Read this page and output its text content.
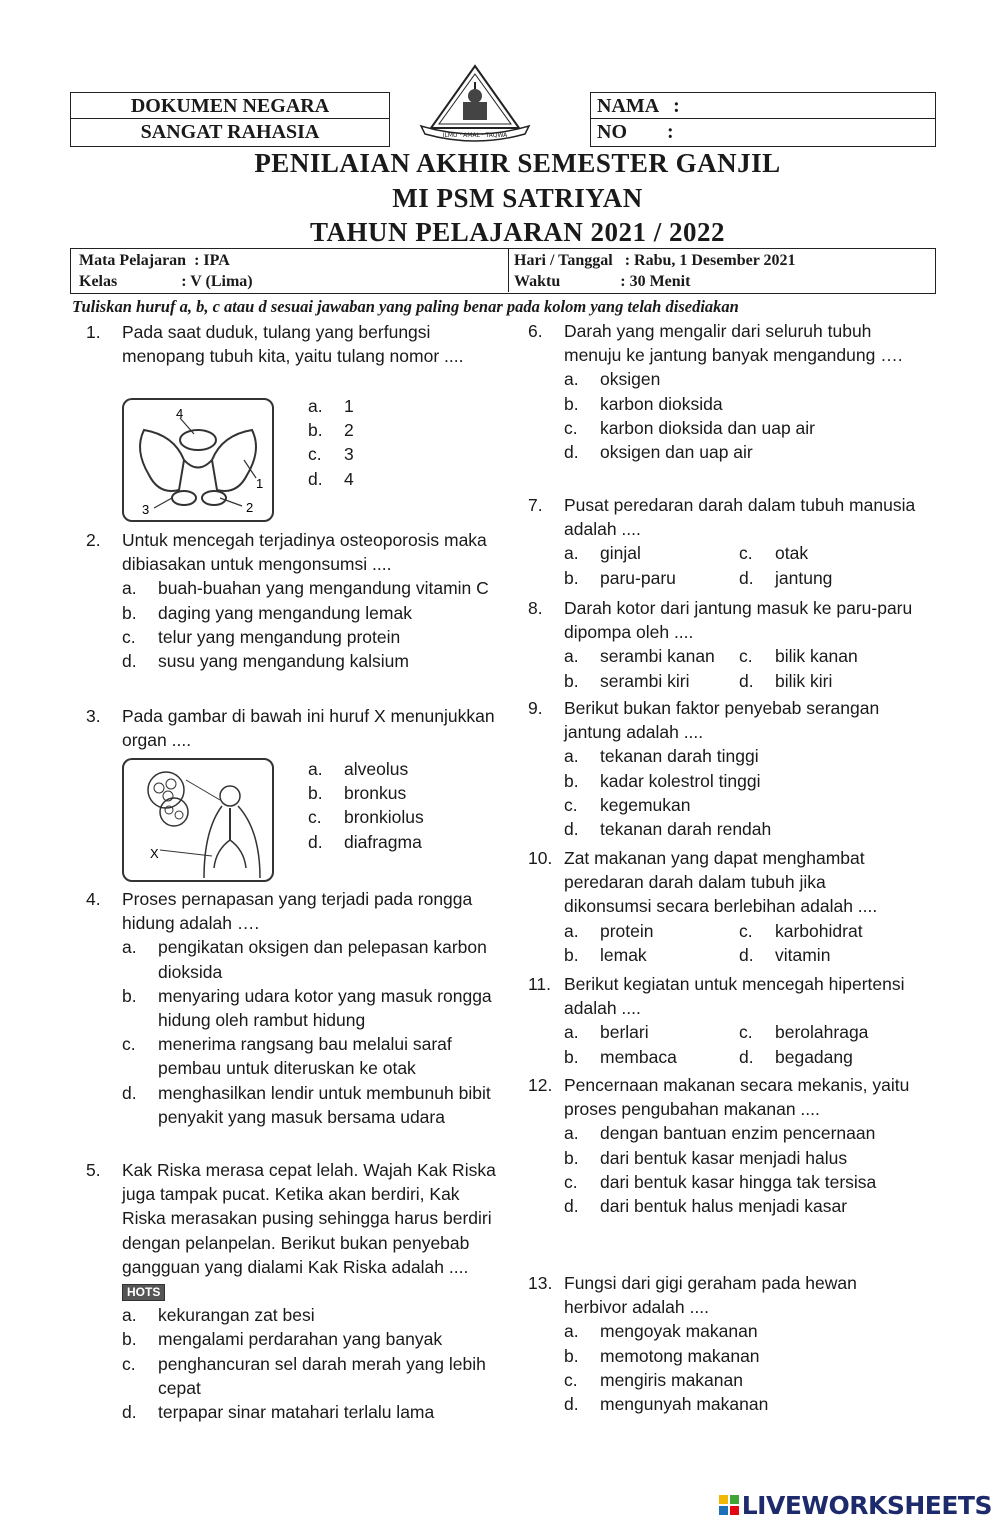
DOKUMEN NEGARA
SANGAT RAHASIA	ILMU · AMAL · TAQWA
NAMA   :
NO        :
PENILAIAN AKHIR SEMESTER GANJIL
MI PSM SATRIYAN
TAHUN PELAJARAN 2021 / 2022
Mata Pelajaran  : IPA
Kelas                : V (Lima)
Hari / Tanggal   : Rabu, 1 Desember 2021
Waktu               : 30 Menit
Tuliskan huruf a, b, c atau d sesuai jawaban yang paling benar pada kolom yang telah disediakan
1. Pada saat duduk, tulang yang berfungsi menopang tubuh kita, yaitu tulang nomor ....
4
1
3	2
a. 1
b. 2
c. 3
d. 4
2. Untuk mencegah terjadinya osteoporosis maka dibiasakan untuk mengonsumsi ....
a. buah-buahan yang mengandung vitamin C
b. daging yang mengandung lemak
c. telur yang mengandung protein
d. susu yang mengandung kalsium
3. Pada gambar di bawah ini huruf X menunjukkan organ ....
X
a. alveolus
b. bronkus
c. bronkiolus
d. diafragma
4. Proses pernapasan yang terjadi pada rongga hidung adalah ….
a. pengikatan oksigen dan pelepasan karbon dioksida
b. menyaring udara kotor yang masuk rongga hidung oleh rambut hidung
c. menerima rangsang bau melalui saraf pembau untuk diteruskan ke otak
d. menghasilkan lendir untuk membunuh bibit penyakit yang masuk bersama udara
5. Kak Riska merasa cepat lelah. Wajah Kak Riska juga tampak pucat. Ketika akan berdiri, Kak Riska merasakan pusing sehingga harus berdiri dengan pelanpelan. Berikut bukan penyebab gangguan yang dialami Kak Riska adalah .... HOTS
a. kekurangan zat besi
b. mengalami perdarahan yang banyak
c. penghancuran sel darah merah yang lebih cepat
d. terpapar sinar matahari terlalu lama
6. Darah yang mengalir dari seluruh tubuh menuju ke jantung banyak mengandung ….
a. oksigen
b. karbon dioksida
c. karbon dioksida dan uap air
d. oksigen dan uap air
7. Pusat peredaran darah dalam tubuh manusia adalah ....
a. ginjal	c. otak
b. paru-paru	d. jantung
8. Darah kotor dari jantung masuk ke paru-paru dipompa oleh ....
a. serambi kanan	c. bilik kanan
b. serambi kiri	d. bilik kiri
9. Berikut bukan faktor penyebab serangan jantung adalah ....
a. tekanan darah tinggi
b. kadar kolestrol tinggi
c. kegemukan
d. tekanan darah rendah
10. Zat makanan yang dapat menghambat peredaran darah dalam tubuh jika dikonsumsi secara berlebihan adalah ....
a. protein	c. karbohidrat
b. lemak	d. vitamin
11. Berikut kegiatan untuk mencegah hipertensi adalah ....
a. berlari	c. berolahraga
b. membaca	d. begadang
12. Pencernaan makanan secara mekanis, yaitu proses pengubahan makanan ....
a. dengan bantuan enzim pencernaan
b. dari bentuk kasar menjadi halus
c. dari bentuk kasar hingga tak tersisa
d. dari bentuk halus menjadi kasar
13. Fungsi dari gigi geraham pada hewan herbivor adalah ....
a. mengoyak makanan
b. memotong makanan
c. mengiris makanan
d. mengunyah makanan
LIVEWORKSHEETS
